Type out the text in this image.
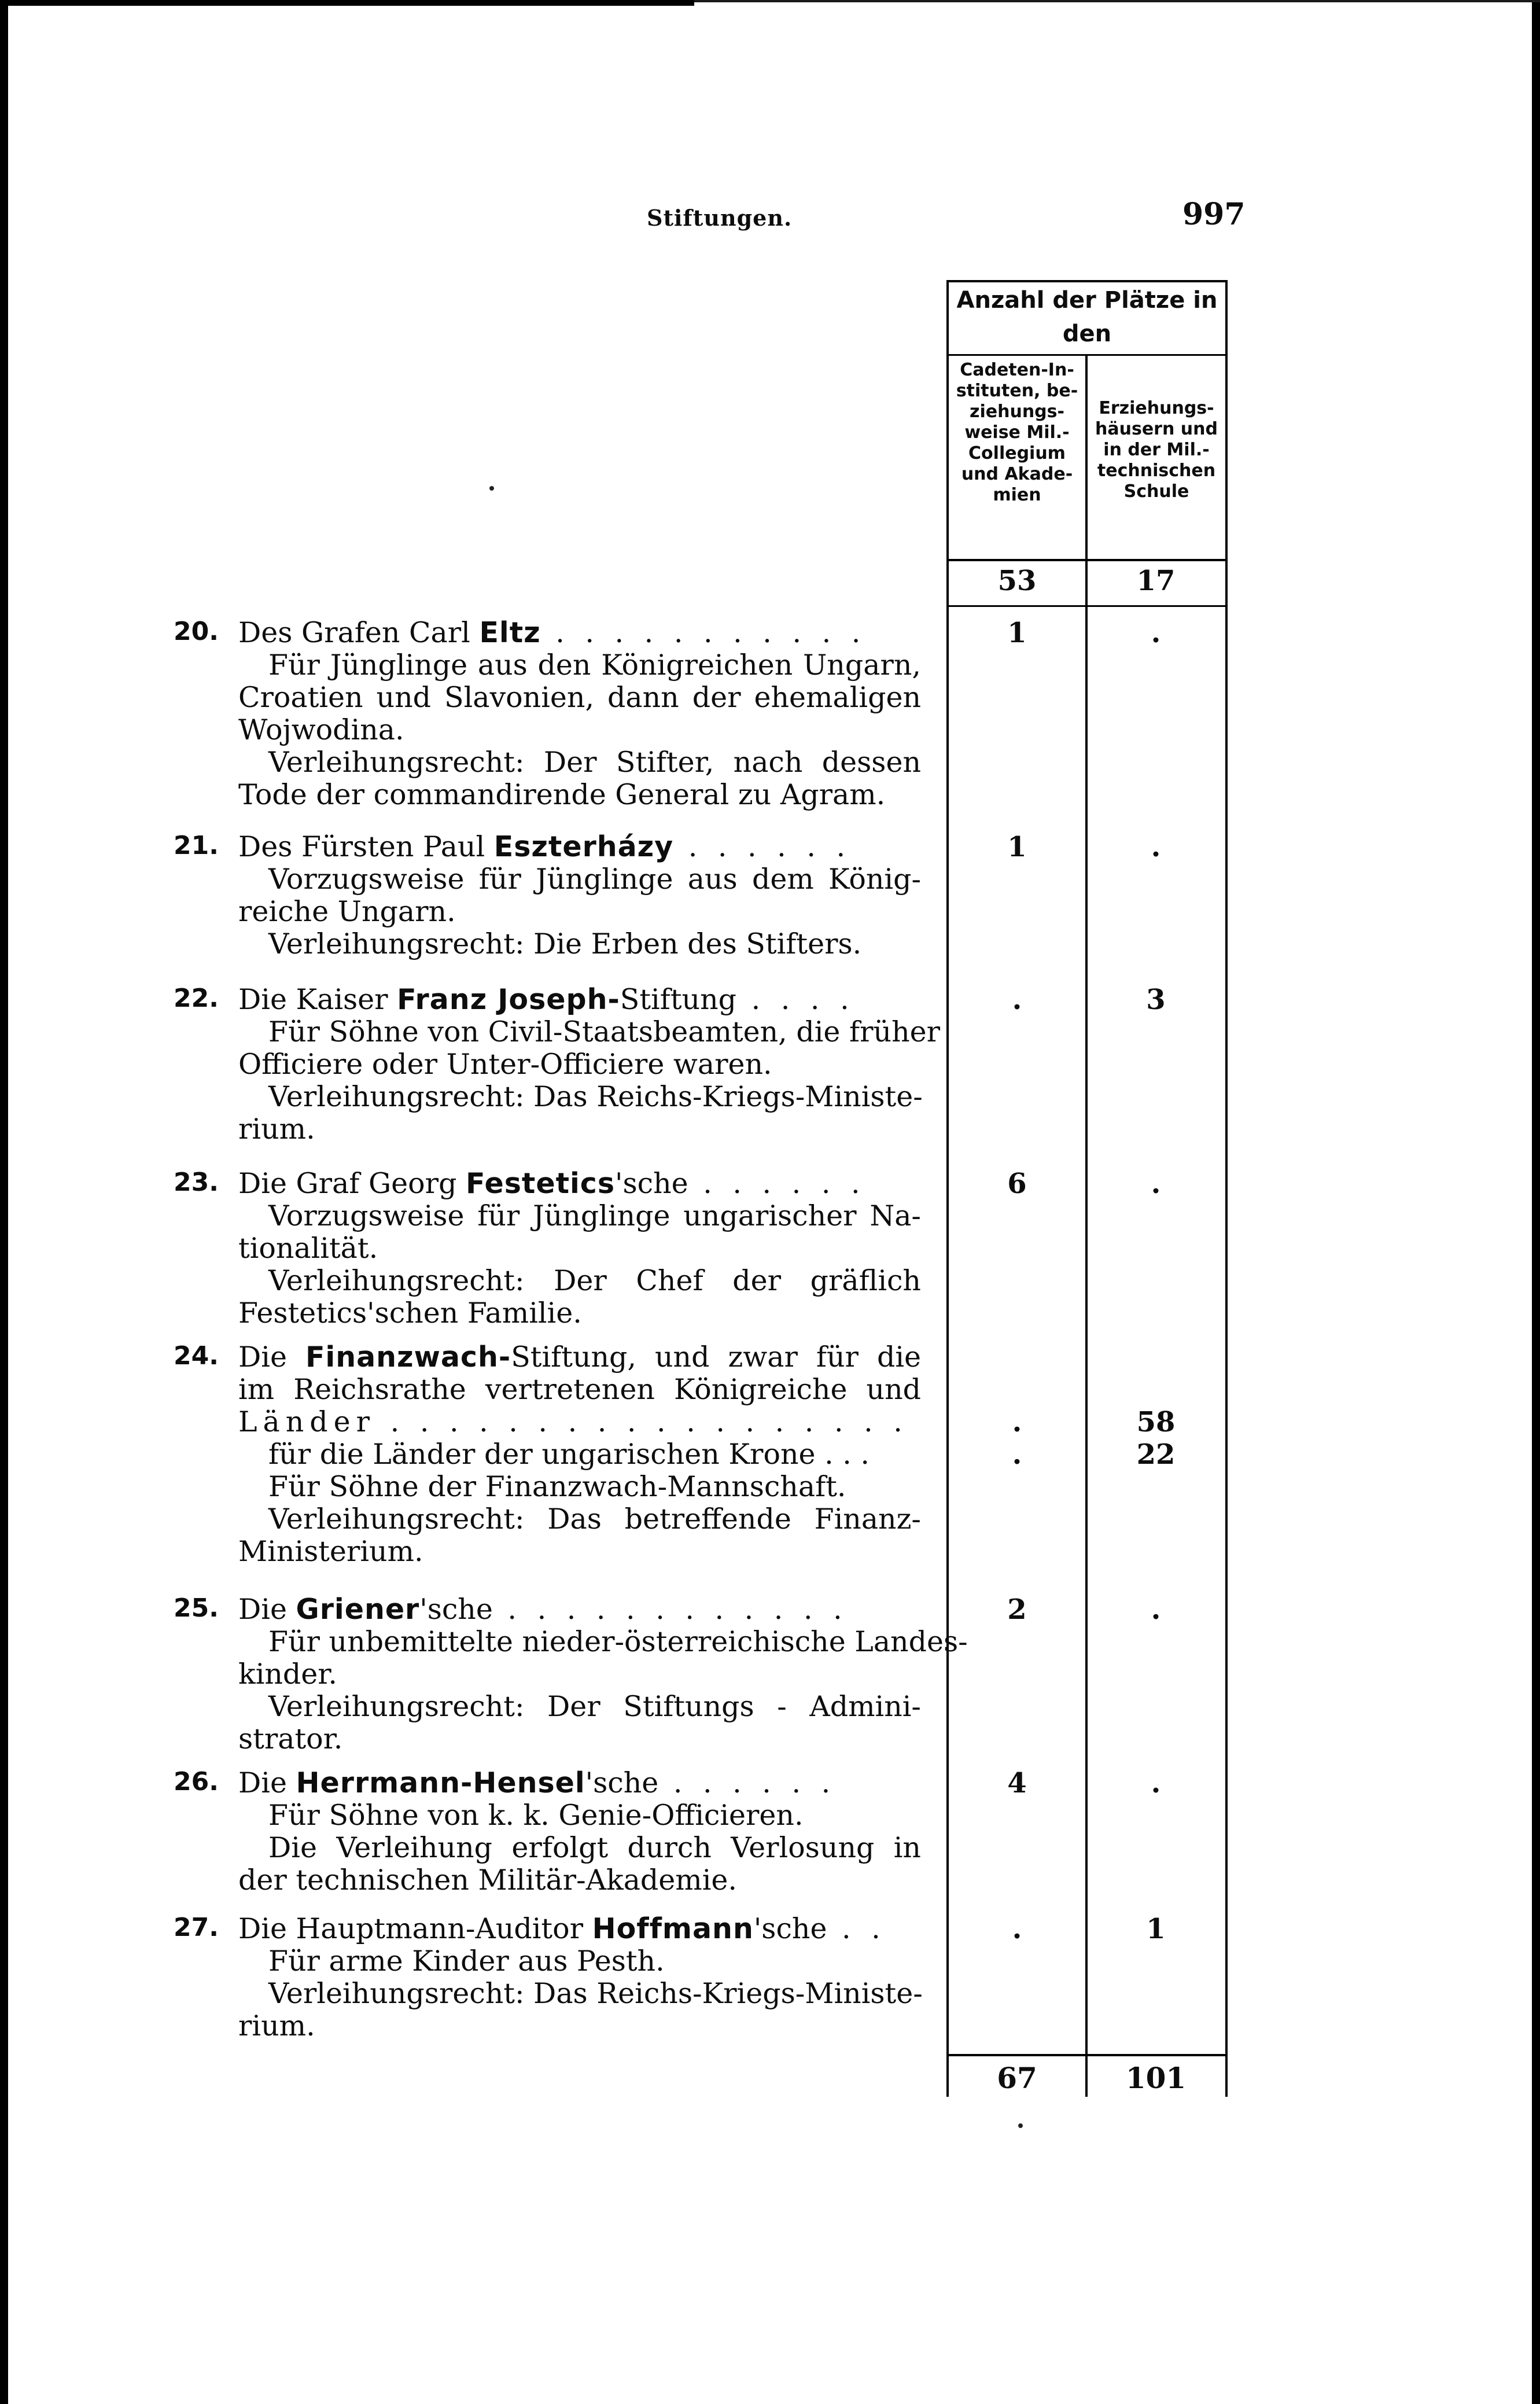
Stiftungen.	997
Anzahl der Plätze in den
Cadeten-In-
stituten, be-
ziehungs-
weise Mil.-
Collegium
und Akade-
mien
Erziehungs-
häusern und
in der Mil.-
technischen
Schule
53	17
20. Des Grafen Carl Eltz . . . . . . . . . . .
Für Jünglinge aus den Königreichen Ungarn,
Croatien und Slavonien, dann der ehemaligen
Wojwodina.
Verleihungsrecht: Der Stifter, nach dessen
Tode der commandirende General zu Agram.
1	.
21. Des Fürsten Paul Eszterházy . . . . . .
Vorzugsweise für Jünglinge aus dem König-
reiche Ungarn.
Verleihungsrecht: Die Erben des Stifters.
1	.
22. Die Kaiser Franz Joseph-Stiftung . . . .
Für Söhne von Civil-Staatsbeamten, die früher
Officiere oder Unter-Officiere waren.
Verleihungsrecht: Das Reichs-Kriegs-Ministe-
rium.
.	3
23. Die Graf Georg Festetics'sche . . . . . .
Vorzugsweise für Jünglinge ungarischer Na-
tionalität.
Verleihungsrecht: Der Chef der gräflich
Festetics'schen Familie.
6	.
24. Die Finanzwach-Stiftung, und zwar für die
im Reichsrathe vertretenen Königreiche und
Länder . . . . . . . . . . . . . . . . . .
für die Länder der ungarischen Krone . . .
Für Söhne der Finanzwach-Mannschaft.
Verleihungsrecht: Das betreffende Finanz-
Ministerium.
.	58
.	22
25. Die Griener'sche . . . . . . . . . . . .
Für unbemittelte nieder-österreichische Landes-
kinder.
Verleihungsrecht: Der Stiftungs - Admini-
strator.
2	.
26. Die Herrmann-Hensel'sche . . . . . .
Für Söhne von k. k. Genie-Officieren.
Die Verleihung erfolgt durch Verlosung in
der technischen Militär-Akademie.
4	.
27. Die Hauptmann-Auditor Hoffmann'sche . .
Für arme Kinder aus Pesth.
Verleihungsrecht: Das Reichs-Kriegs-Ministe-
rium.
.	1
67	101
